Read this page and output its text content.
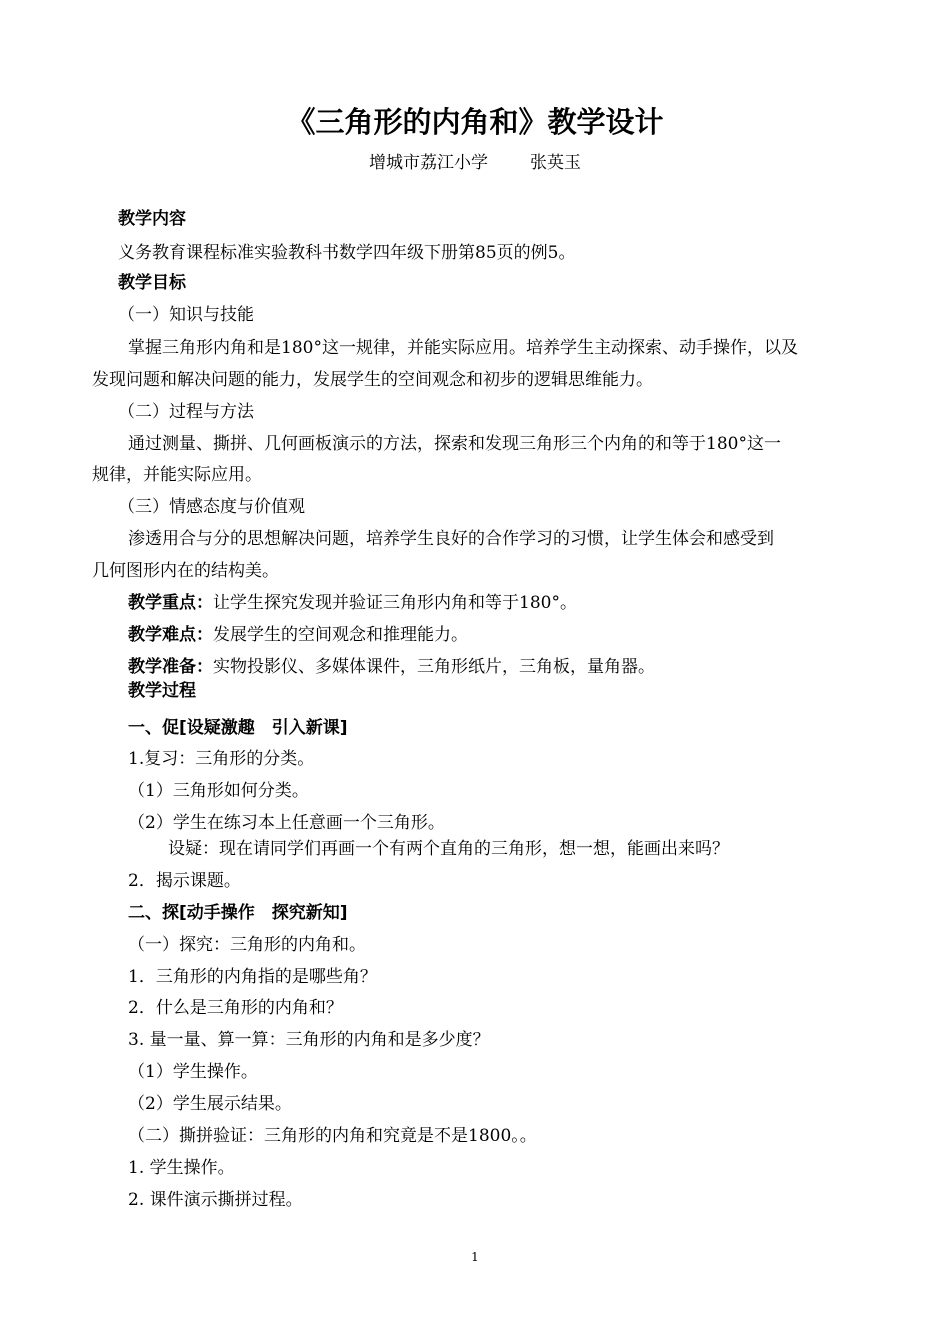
《三角形的内角和》教学设计
增城市荔江小学 张英玉
教学内容
义务教育课程标准实验教科书数学四年级下册第85页的例5。
教学目标
（一）知识与技能
掌握三角形内角和是180°这一规律，并能实际应用。培养学生主动探索、动手操作，以及
发现问题和解决问题的能力，发展学生的空间观念和初步的逻辑思维能力。
（二）过程与方法
通过测量、撕拼、几何画板演示的方法，探索和发现三角形三个内角的和等于180°这一
规律，并能实际应用。
（三）情感态度与价值观
渗透用合与分的思想解决问题，培养学生良好的合作学习的习惯，让学生体会和感受到
几何图形内在的结构美。
教学重点：让学生探究发现并验证三角形内角和等于180°。
教学难点：发展学生的空间观念和推理能力。
教学准备：实物投影仪、多媒体课件，三角形纸片，三角板，量角器。
教学过程
一、促[设疑激趣　引入新课]
1.复习：三角形的分类。
（1）三角形如何分类。
（2）学生在练习本上任意画一个三角形。
设疑：现在请同学们再画一个有两个直角的三角形，想一想，能画出来吗？
2．揭示课题。
二、探[动手操作　探究新知]
（一）探究：三角形的内角和。
1．三角形的内角指的是哪些角？
2．什么是三角形的内角和？
3. 量一量、算一算：三角形的内角和是多少度？
（1）学生操作。
（2）学生展示结果。
（二）撕拼验证：三角形的内角和究竟是不是1800。。
1. 学生操作。
2. 课件演示撕拼过程。
1
